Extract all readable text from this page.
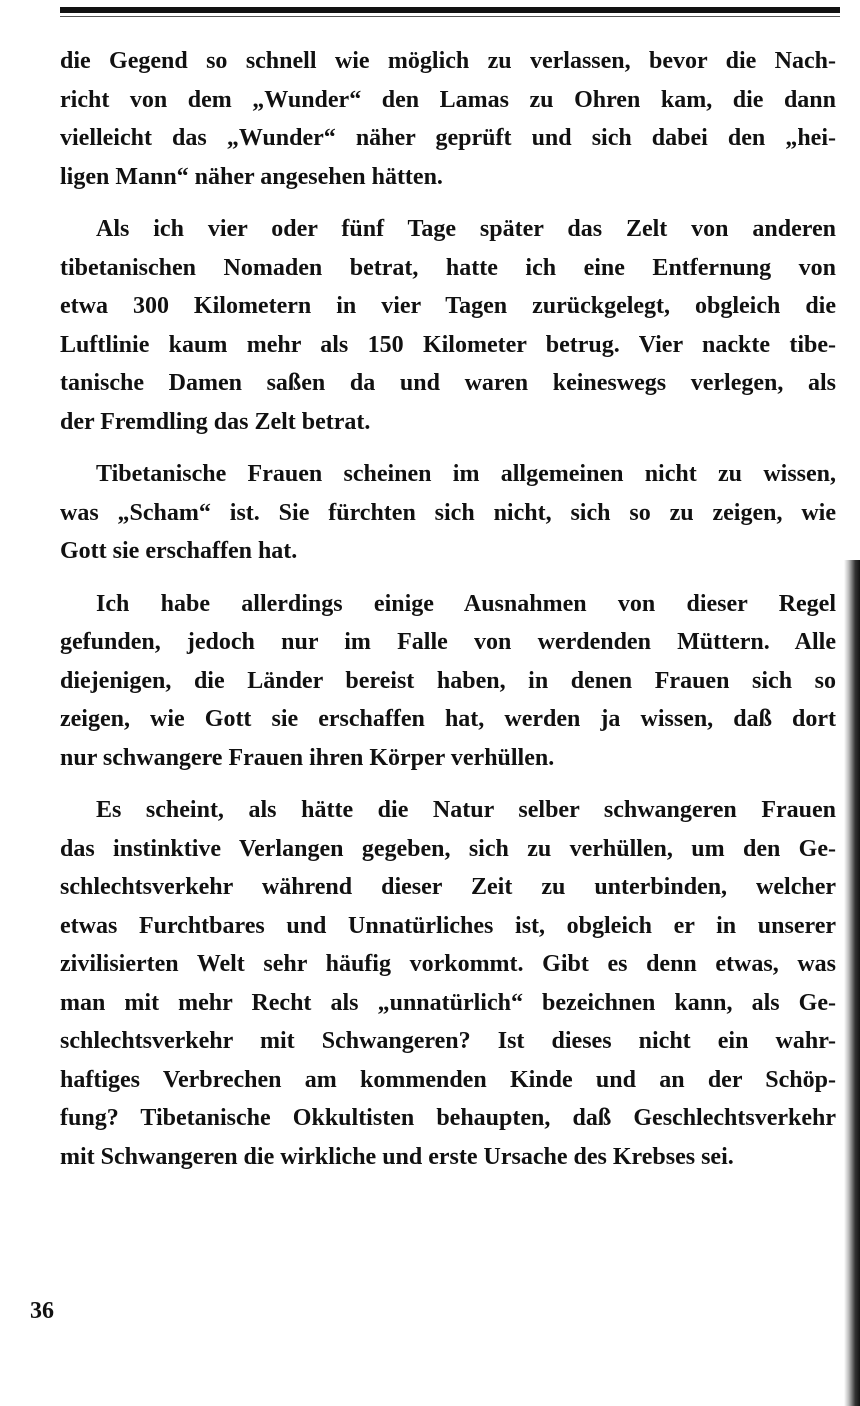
die Gegend so schnell wie möglich zu verlassen, bevor die Nach-
richt von dem „Wunder“ den Lamas zu Ohren kam, die dann
vielleicht das „Wunder“ näher geprüft und sich dabei den „hei-
ligen Mann“ näher angesehen hätten.
Als ich vier oder fünf Tage später das Zelt von anderen
tibetanischen Nomaden betrat, hatte ich eine Entfernung von
etwa 300 Kilometern in vier Tagen zurückgelegt, obgleich die
Luftlinie kaum mehr als 150 Kilometer betrug. Vier nackte tibe-
tanische Damen saßen da und waren keineswegs verlegen, als
der Fremdling das Zelt betrat.
Tibetanische Frauen scheinen im allgemeinen nicht zu wissen,
was „Scham“ ist. Sie fürchten sich nicht, sich so zu zeigen, wie
Gott sie erschaffen hat.
Ich habe allerdings einige Ausnahmen von dieser Regel
gefunden, jedoch nur im Falle von werdenden Müttern. Alle
diejenigen, die Länder bereist haben, in denen Frauen sich so
zeigen, wie Gott sie erschaffen hat, werden ja wissen, daß dort
nur schwangere Frauen ihren Körper verhüllen.
Es scheint, als hätte die Natur selber schwangeren Frauen
das instinktive Verlangen gegeben, sich zu verhüllen, um den Ge-
schlechtsverkehr während dieser Zeit zu unterbinden, welcher
etwas Furchtbares und Unnatürliches ist, obgleich er in unserer
zivilisierten Welt sehr häufig vorkommt. Gibt es denn etwas, was
man mit mehr Recht als „unnatürlich“ bezeichnen kann, als Ge-
schlechtsverkehr mit Schwangeren? Ist dieses nicht ein wahr-
haftiges Verbrechen am kommenden Kinde und an der Schöp-
fung? Tibetanische Okkultisten behaupten, daß Geschlechtsverkehr
mit Schwangeren die wirkliche und erste Ursache des Krebses sei.
36
